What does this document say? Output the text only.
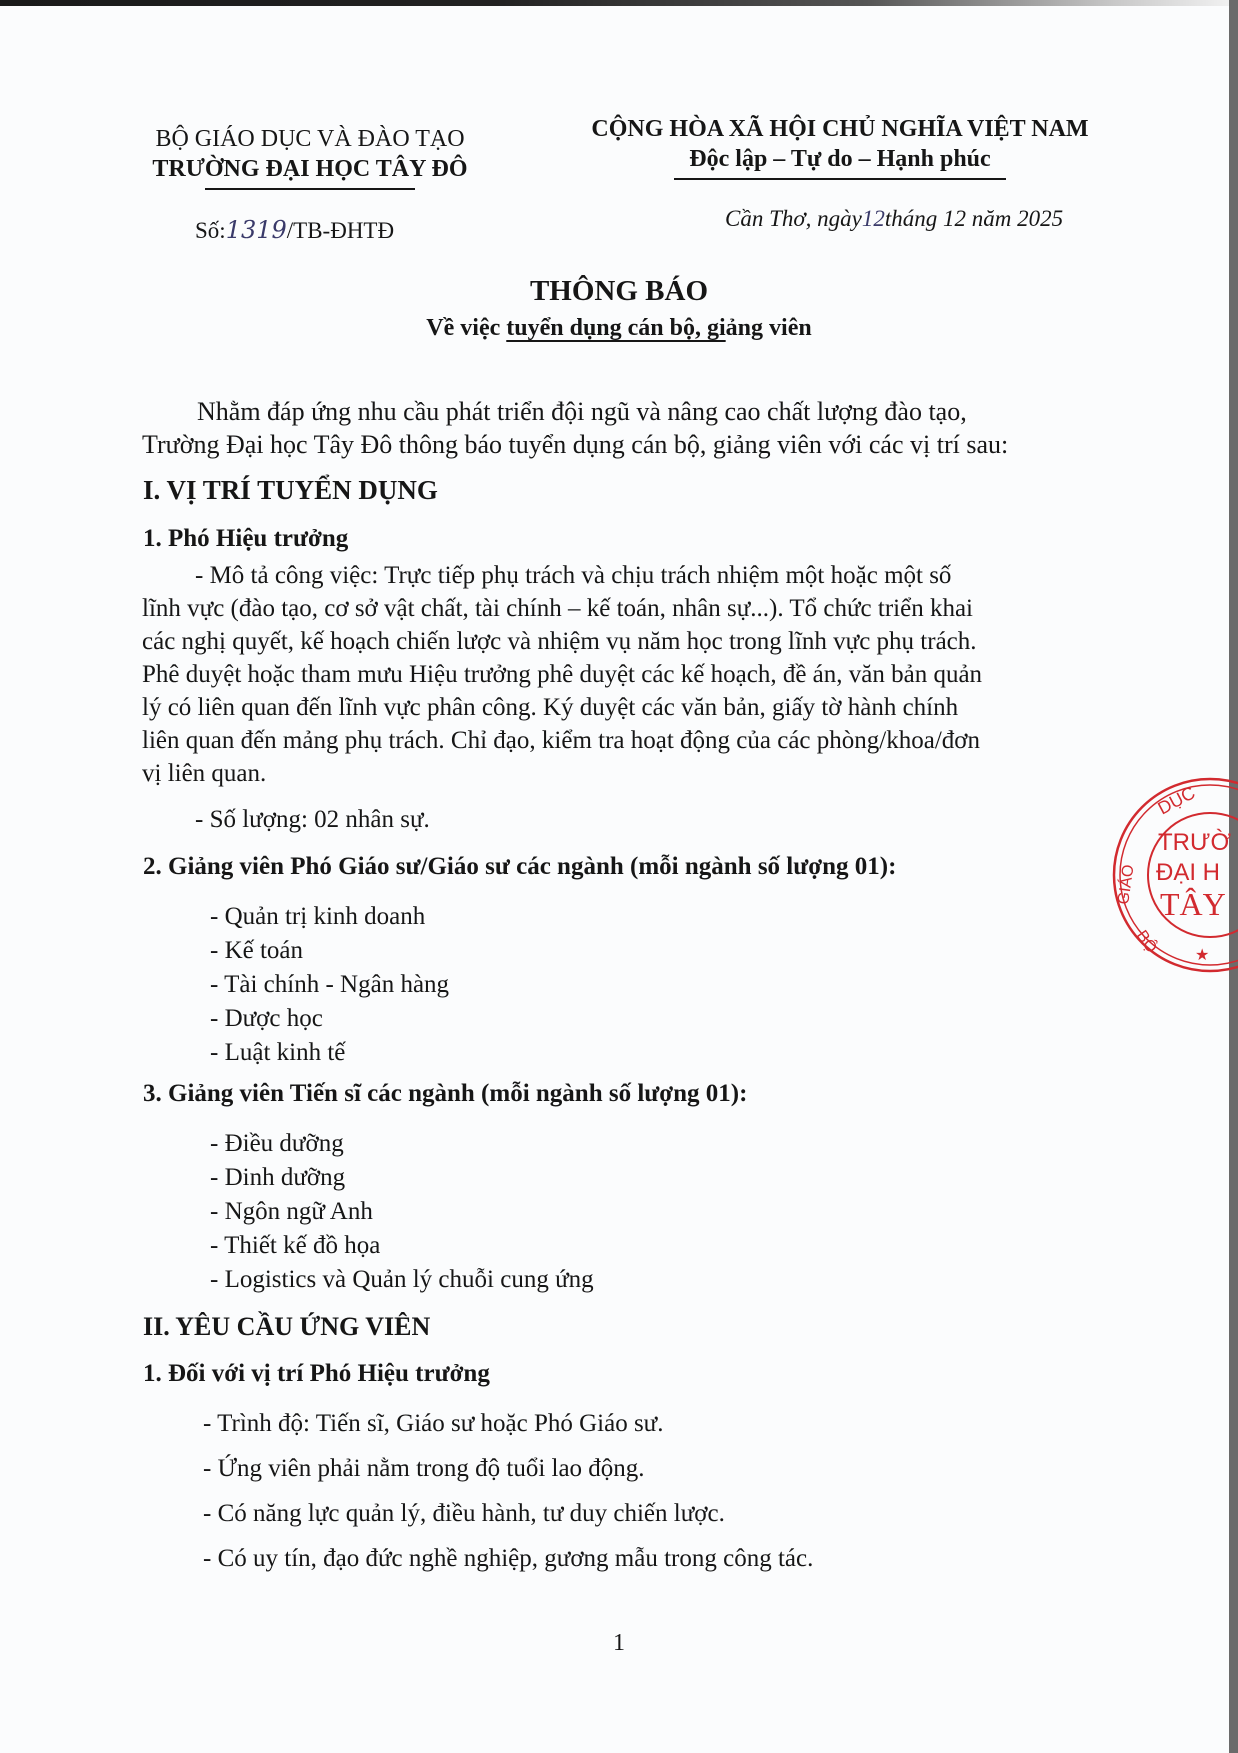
BỘ GIÁO DỤC VÀ ĐÀO TẠO
TRƯỜNG ĐẠI HỌC TÂY ĐÔ
CỘNG HÒA XÃ HỘI CHỦ NGHĨA VIỆT NAM
Độc lập – Tự do – Hạnh phúc
Số:1319/TB-ĐHTĐ	Cần Thơ, ngày12tháng 12 năm 2025
THÔNG BÁO
Về việc tuyển dụng cán bộ, giảng viên

Nhằm đáp ứng nhu cầu phát triển đội ngũ và nâng cao chất lượng đào tạo,

Trường Đại học Tây Đô thông báo tuyển dụng cán bộ, giảng viên với các vị trí sau:

I. VỊ TRÍ TUYỂN DỤNG
1. Phó Hiệu trưởng
- Mô tả công việc: Trực tiếp phụ trách và chịu trách nhiệm một hoặc một số
lĩnh vực (đào tạo, cơ sở vật chất, tài chính – kế toán, nhân sự...). Tổ chức triển khai
các nghị quyết, kế hoạch chiến lược và nhiệm vụ năm học trong lĩnh vực phụ trách.
Phê duyệt hoặc tham mưu Hiệu trưởng phê duyệt các kế hoạch, đề án, văn bản quản
lý có liên quan đến lĩnh vực phân công. Ký duyệt các văn bản, giấy tờ hành chính
liên quan đến mảng phụ trách. Chỉ đạo, kiểm tra hoạt động của các phòng/khoa/đơn
vị liên quan.
- Số lượng: 02 nhân sự.
2. Giảng viên Phó Giáo sư/Giáo sư các ngành (mỗi ngành số lượng 01):
- Quản trị kinh doanh
- Kế toán
- Tài chính - Ngân hàng
- Dược học
- Luật kinh tế
3. Giảng viên Tiến sĩ các ngành (mỗi ngành số lượng 01):
- Điều dưỡng
- Dinh dưỡng
- Ngôn ngữ Anh
- Thiết kế đồ họa
- Logistics và Quản lý chuỗi cung ứng
II. YÊU CẦU ỨNG VIÊN
1. Đối với vị trí Phó Hiệu trưởng
- Trình độ: Tiến sĩ, Giáo sư hoặc Phó Giáo sư.
- Ứng viên phải nằm trong độ tuổi lao động.
- Có năng lực quản lý, điều hành, tư duy chiến lược.
- Có uy tín, đạo đức nghề nghiệp, gương mẫu trong công tác.
1
DỤC
GIÁO
BỘ
TRƯỜ
ĐẠI H
TÂY
★
